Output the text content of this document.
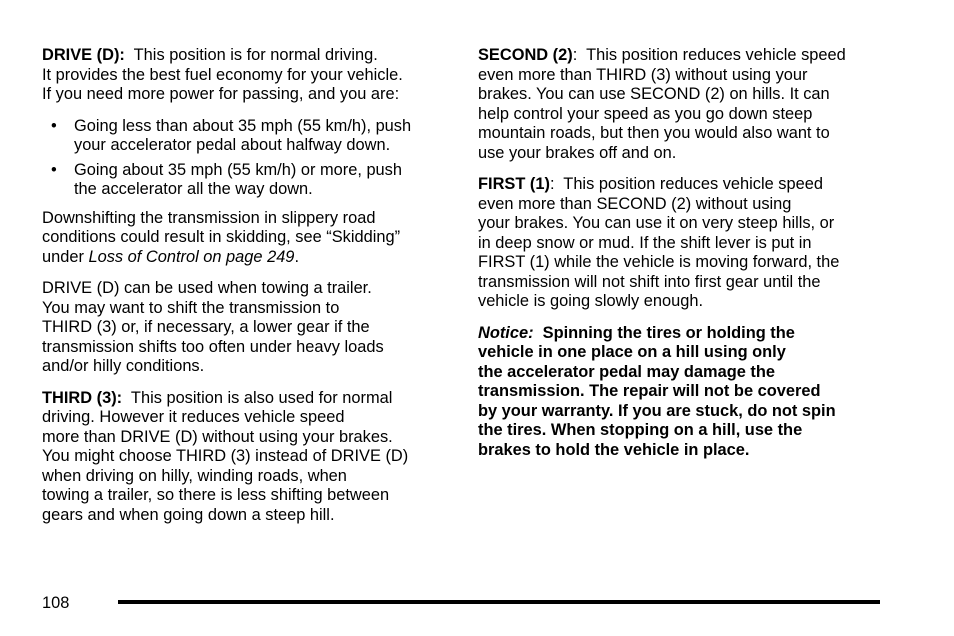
DRIVE (D):  This position is for normal driving.
It provides the best fuel economy for your vehicle.
If you need more power for passing, and you are:

• Going less than about 35 mph (55 km/h), push
your accelerator pedal about halfway down.
• Going about 35 mph (55 km/h) or more, push
the accelerator all the way down.

Downshifting the transmission in slippery road
conditions could result in skidding, see “Skidding”
under Loss of Control on page 249.

DRIVE (D) can be used when towing a trailer.
You may want to shift the transmission to
THIRD (3) or, if necessary, a lower gear if the
transmission shifts too often under heavy loads
and/or hilly conditions.

THIRD (3):  This position is also used for normal
driving. However it reduces vehicle speed
more than DRIVE (D) without using your brakes.
You might choose THIRD (3) instead of DRIVE (D)
when driving on hilly, winding roads, when
towing a trailer, so there is less shifting between
gears and when going down a steep hill.

SECOND (2):  This position reduces vehicle speed
even more than THIRD (3) without using your
brakes. You can use SECOND (2) on hills. It can
help control your speed as you go down steep
mountain roads, but then you would also want to
use your brakes off and on.

FIRST (1):  This position reduces vehicle speed
even more than SECOND (2) without using
your brakes. You can use it on very steep hills, or
in deep snow or mud. If the shift lever is put in
FIRST (1) while the vehicle is moving forward, the
transmission will not shift into first gear until the
vehicle is going slowly enough.

Notice:  Spinning the tires or holding the
vehicle in one place on a hill using only
the accelerator pedal may damage the
transmission. The repair will not be covered
by your warranty. If you are stuck, do not spin
the tires. When stopping on a hill, use the
brakes to hold the vehicle in place.

108
